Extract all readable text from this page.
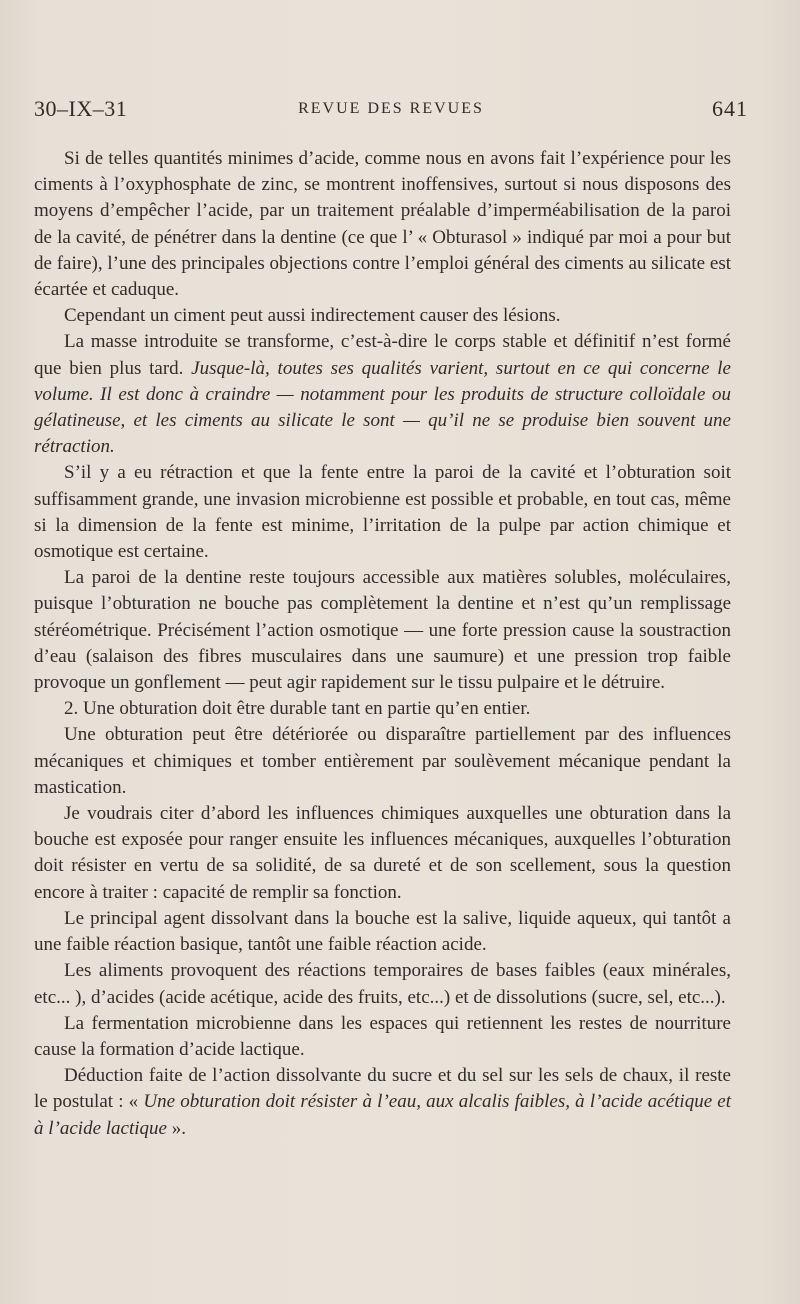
30–IX–31	REVUE DES REVUES	641

Si de telles quantités minimes d’acide, comme nous en avons fait l’expérience pour les ciments à l’oxyphosphate de zinc, se montrent inoffensives, surtout si nous disposons des moyens d’empêcher l’acide, par un traitement préalable d’imperméabilisation de la paroi de la cavité, de pénétrer dans la dentine (ce que l’ « Obturasol » indiqué par moi a pour but de faire), l’une des principales objections contre l’emploi général des ciments au silicate est écartée et caduque.

Cependant un ciment peut aussi indirectement causer des lésions.

La masse introduite se transforme, c’est-à-dire le corps stable et définitif n’est formé que bien plus tard. Jusque-là, toutes ses qualités varient, surtout en ce qui concerne le volume. Il est donc à craindre — notamment pour les produits de structure colloïdale ou gélatineuse, et les ciments au silicate le sont — qu’il ne se produise bien souvent une rétraction.

S’il y a eu rétraction et que la fente entre la paroi de la cavité et l’obturation soit suffisamment grande, une invasion microbienne est possible et probable, en tout cas, même si la dimension de la fente est minime, l’irritation de la pulpe par action chimique et osmotique est certaine.

La paroi de la dentine reste toujours accessible aux matières solubles, moléculaires, puisque l’obturation ne bouche pas complètement la dentine et n’est qu’un remplissage stéréométrique. Précisément l’action osmotique — une forte pression cause la soustraction d’eau (salaison des fibres musculaires dans une saumure) et une pression trop faible provoque un gonflement — peut agir rapidement sur le tissu pulpaire et le détruire.

2. Une obturation doit être durable tant en partie qu’en entier.

Une obturation peut être détériorée ou disparaître partiellement par des influences mécaniques et chimiques et tomber entièrement par soulèvement mécanique pendant la mastication.

Je voudrais citer d’abord les influences chimiques auxquelles une obturation dans la bouche est exposée pour ranger ensuite les influences mécaniques, auxquelles l’obturation doit résister en vertu de sa solidité, de sa dureté et de son scellement, sous la question encore à traiter : capacité de remplir sa fonction.

Le principal agent dissolvant dans la bouche est la salive, liquide aqueux, qui tantôt a une faible réaction basique, tantôt une faible réaction acide.

Les aliments provoquent des réactions temporaires de bases faibles (eaux minérales, etc... ), d’acides (acide acétique, acide des fruits, etc...) et de dissolutions (sucre, sel, etc...).

La fermentation microbienne dans les espaces qui retiennent les restes de nourriture cause la formation d’acide lactique.

Déduction faite de l’action dissolvante du sucre et du sel sur les sels de chaux, il reste le postulat : « Une obturation doit résister à l’eau, aux alcalis faibles, à l’acide acétique et à l’acide lactique ».
